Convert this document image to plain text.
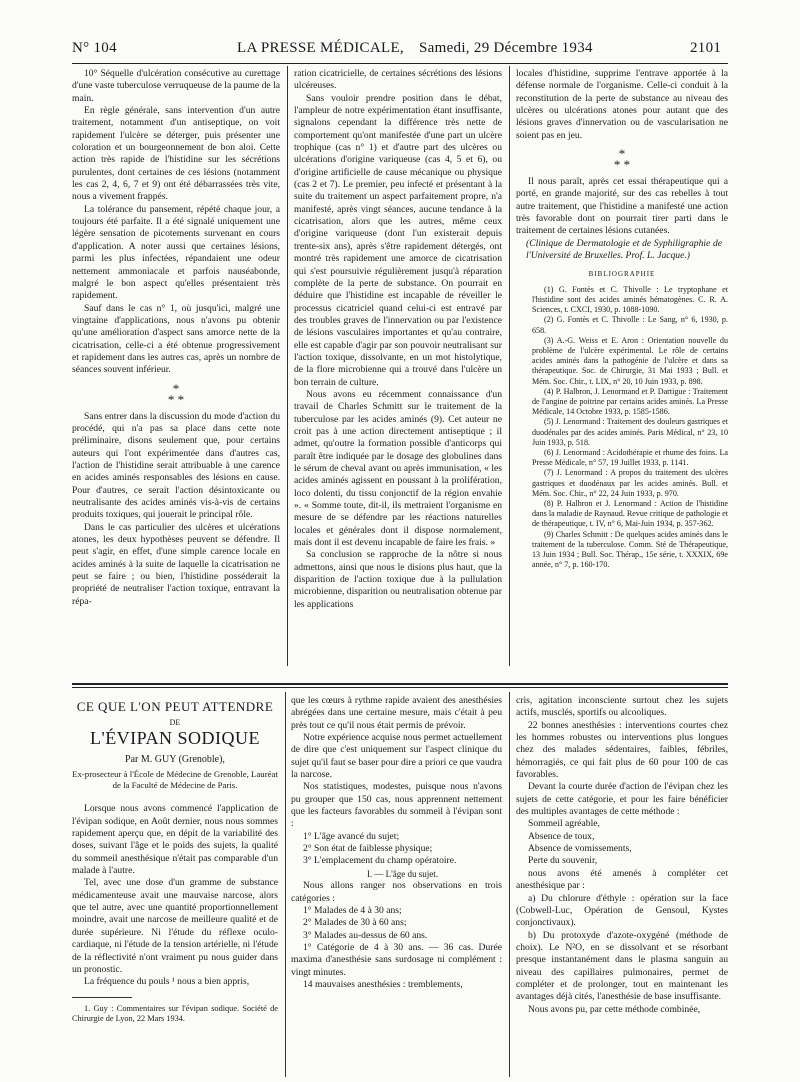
N° 104	LA PRESSE MÉDICALE, Samedi, 29 Décembre 1934	2101

10° Séquelle d'ulcération consécutive au curettage d'une vaste tuberculose verruqueuse de la paume de la main.

En règle générale, sans intervention d'un autre traitement, notamment d'un antiseptique, on voit rapidement l'ulcère se déterger, puis présenter une coloration et un bourgeonnement de bon aloi. Cette action très rapide de l'histidine sur les sécrétions purulentes, dont certaines de ces lésions (notamment les cas 2, 4, 6, 7 et 9) ont été débarrassées très vite, nous a vivement frappés.

La tolérance du pansement, répété chaque jour, a toujours été parfaite. Il a été signalé uniquement une légère sensation de picotements survenant en cours d'application. A noter aussi que certaines lésions, parmi les plus infectées, répandaient une odeur nettement ammoniacale et parfois nauséabonde, malgré le bon aspect qu'elles présentaient très rapidement.

Sauf dans le cas n° 1, où jusqu'ici, malgré une vingtaine d'applications, nous n'avons pu obtenir qu'une amélioration d'aspect sans amorce nette de la cicatrisation, celle-ci a été obtenue progressivement et rapidement dans les autres cas, après un nombre de séances souvent inférieur.

*
* *

Sans entrer dans la discussion du mode d'action du procédé, qui n'a pas sa place dans cette note préliminaire, disons seulement que, pour certains auteurs qui l'ont expérimentée dans d'autres cas, l'action de l'histidine serait attribuable à une carence en acides aminés responsables des lésions en cause. Pour d'autres, ce serait l'action désintoxicante ou neutralisante des acides aminés vis-à-vis de certains produits toxiques, qui jouerait le principal rôle.

Dans le cas particulier des ulcères et ulcérations atones, les deux hypothèses peuvent se défendre. Il peut s'agir, en effet, d'une simple carence locale en acides aminés à la suite de laquelle la cicatrisation ne peut se faire ; ou bien, l'histidine posséderait la propriété de neutraliser l'action toxique, entravant la répa-

ration cicatricielle, de certaines sécrétions des lésions ulcéreuses.

Sans vouloir prendre position dans le débat, l'ampleur de notre expérimentation étant insuffisante, signalons cependant la différence très nette de comportement qu'ont manifestée d'une part un ulcère trophique (cas n° 1) et d'autre part des ulcères ou ulcérations d'origine variqueuse (cas 4, 5 et 6), ou d'origine artificielle de cause mécanique ou physique (cas 2 et 7). Le premier, peu infecté et présentant à la suite du traitement un aspect parfaitement propre, n'a manifesté, après vingt séances, aucune tendance à la cicatrisation, alors que les autres, même ceux d'origine variqueuse (dont l'un existerait depuis trente-six ans), après s'être rapidement détergés, ont montré très rapidement une amorce de cicatrisation qui s'est poursuivie régulièrement jusqu'à réparation complète de la perte de substance. On pourrait en déduire que l'histidine est incapable de réveiller le processus cicatriciel quand celui-ci est entravé par des troubles graves de l'innervation ou par l'existence de lésions vasculaires importantes et qu'au contraire, elle est capable d'agir par son pouvoir neutralisant sur l'action toxique, dissolvante, en un mot histolytique, de la flore microbienne qui a trouvé dans l'ulcère un bon terrain de culture.

Nous avons eu récemment connaissance d'un travail de Charles Schmitt sur le traitement de la tuberculose par les acides aminés (9). Cet auteur ne croit pas à une action directement antiseptique ; il admet, qu'outre la formation possible d'anticorps qui paraît être indiquée par le dosage des globulines dans le sérum de cheval avant ou après immunisation, « les acides aminés agissent en poussant à la prolifération, loco dolenti, du tissu conjonctif de la région envahie ». « Somme toute, dit-il, ils mettraient l'organisme en mesure de se défendre par les réactions naturelles locales et générales dont il dispose normalement, mais dont il est devenu incapable de faire les frais. »

Sa conclusion se rapproche de la nôtre si nous admettons, ainsi que nous le disions plus haut, que la disparition de l'action toxique due à la pullulation microbienne, disparition ou neutralisation obtenue par les applications

locales d'histidine, supprime l'entrave apportée à la défense normale de l'organisme. Celle-ci conduit à la reconstitution de la perte de substance au niveau des ulcères ou ulcérations atones pour autant que des lésions graves d'innervation ou de vascularisation ne soient pas en jeu.

*
* *

Il nous paraît, après cet essai thérapeutique qui a porté, en grande majorité, sur des cas rebelles à tout autre traitement, que l'histidine a manifesté une action très favorable dont on pourrait tirer parti dans le traitement de certaines lésions cutanées.

(Clinique de Dermatologie et de Syphiligraphie de l'Université de Bruxelles. Prof. L. Jacque.)

BIBLIOGRAPHIE

(1) G. Fontès et C. Thivolle : Le tryptophane et l'histidine sont des acides aminés hématogènes. C. R. A. Sciences, t. CXCI, 1930, p. 1088-1090.

(2) G. Fontès et C. Thivolle : Le Sang, n° 6, 1930, p. 658.

(3) A.-G. Weiss et E. Aron : Orientation nouvelle du problème de l'ulcère expérimental. Le rôle de certains acides aminés dans la pathogénie de l'ulcère et dans sa thérapeutique. Soc. de Chirurgie, 31 Mai 1933 ; Bull. et Mém. Soc. Chir., t. LIX, n° 20, 10 Juin 1933, p. 898.

(4) P. Halbron, J. Lenormand et P. Dartigue : Traitement de l'angine de poitrine par certains acides aminés. La Presse Médicale, 14 Octobre 1933, p. 1585-1586.

(5) J. Lenormand : Traitement des douleurs gastriques et duodénales par des acides aminés. Paris Médical, n° 23, 10 Juin 1933, p. 518.

(6) J. Lenormand : Acidothérapie et rhume des foins. La Presse Médicale, n° 57, 19 Juillet 1933, p. 1141.

(7) J. Lenormand : A propos du traitement des ulcères gastriques et duodénaux par les acides aminés. Bull. et Mém. Soc. Chir., n° 22, 24 Juin 1933, p. 970.

(8) P. Halbron et J. Lenormand : Action de l'histidine dans la maladie de Raynaud. Revue critique de pathologie et de thérapeutique, t. IV, n° 6, Mai-Juin 1934, p. 357-362.

(9) Charles Schmitt : De quelques acides aminés dans le traitement de la tuberculose. Comm. Sté de Thérapeutique, 13 Juin 1934 ; Bull. Soc. Thérap., 15e série, t. XXXIX, 69e année, n° 7, p. 160-170.

CE QUE L'ON PEUT ATTENDRE
DE
L'ÉVIPAN SODIQUE
Par M. GUY (Grenoble),
Ex-prosecteur à l'École de Médecine de Grenoble, Lauréat de la Faculté de Médecine de Paris.

Lorsque nous avons commencé l'application de l'évipan sodique, en Août dernier, nous nous sommes rapidement aperçu que, en dépit de la variabilité des doses, suivant l'âge et le poids des sujets, la qualité du sommeil anesthésique n'était pas comparable d'un malade à l'autre.

Tel, avec une dose d'un gramme de substance médicamenteuse avait une mauvaise narcose, alors que tel autre, avec une quantité proportionnellement moindre, avait une narcose de meilleure qualité et de durée supérieure. Ni l'étude du réflexe oculo-cardiaque, ni l'étude de la tension artérielle, ni l'étude de la réflectivité n'ont vraiment pu nous guider dans un pronostic.

La fréquence du pouls ¹ nous a bien appris,

1. Guy : Commentaires sur l'évipan sodique. Société de Chirurgie de Lyon, 22 Mars 1934.

que les cœurs à rythme rapide avaient des anesthésies abrégées dans une certaine mesure, mais c'était à peu près tout ce qu'il nous était permis de prévoir.

Notre expérience acquise nous permet actuellement de dire que c'est uniquement sur l'aspect clinique du sujet qu'il faut se baser pour dire a priori ce que vaudra la narcose.

Nos statistiques, modestes, puisque nous n'avons pu grouper que 150 cas, nous apprennent nettement que les facteurs favorables du sommeil à l'évipan sont :

1° L'âge avancé du sujet;

2° Son état de faiblesse physique;

3° L'emplacement du champ opératoire.

I. — L'âge du sujet.

Nous allons ranger nos observations en trois catégories :

1° Malades de 4 à 30 ans;

2° Malades de 30 à 60 ans;

3° Malades au-dessus de 60 ans.

1° Catégorie de 4 à 30 ans. — 36 cas. Durée maxima d'anesthésie sans surdosage ni complément : vingt minutes.

14 mauvaises anesthésies : tremblements,

cris, agitation inconsciente surtout chez les sujets actifs, musclés, sportifs ou alcooliques.

22 bonnes anesthésies : interventions courtes chez les hommes robustes ou interventions plus longues chez des malades sédentaires, faibles, fébriles, hémorragiés, ce qui fait plus de 60 pour 100 de cas favorables.

Devant la courte durée d'action de l'évipan chez les sujets de cette catégorie, et pour les faire bénéficier des multiples avantages de cette méthode :

Sommeil agréable,

Absence de toux,

Absence de vomissements,

Perte du souvenir,

nous avons été amenés à compléter cet anesthésique par :

a) Du chlorure d'éthyle : opération sur la face (Cobwell-Luc, Opération de Gensoul, Kystes conjonctivaux).

b) Du protoxyde d'azote-oxygéné (méthode de choix). Le N²O, en se dissolvant et se résorbant presque instantanément dans le plasma sanguin au niveau des capillaires pulmonaires, permet de compléter et de prolonger, tout en maintenant les avantages déjà cités, l'anesthésie de base insuffisante.

Nous avons pu, par cette méthode combinée,
